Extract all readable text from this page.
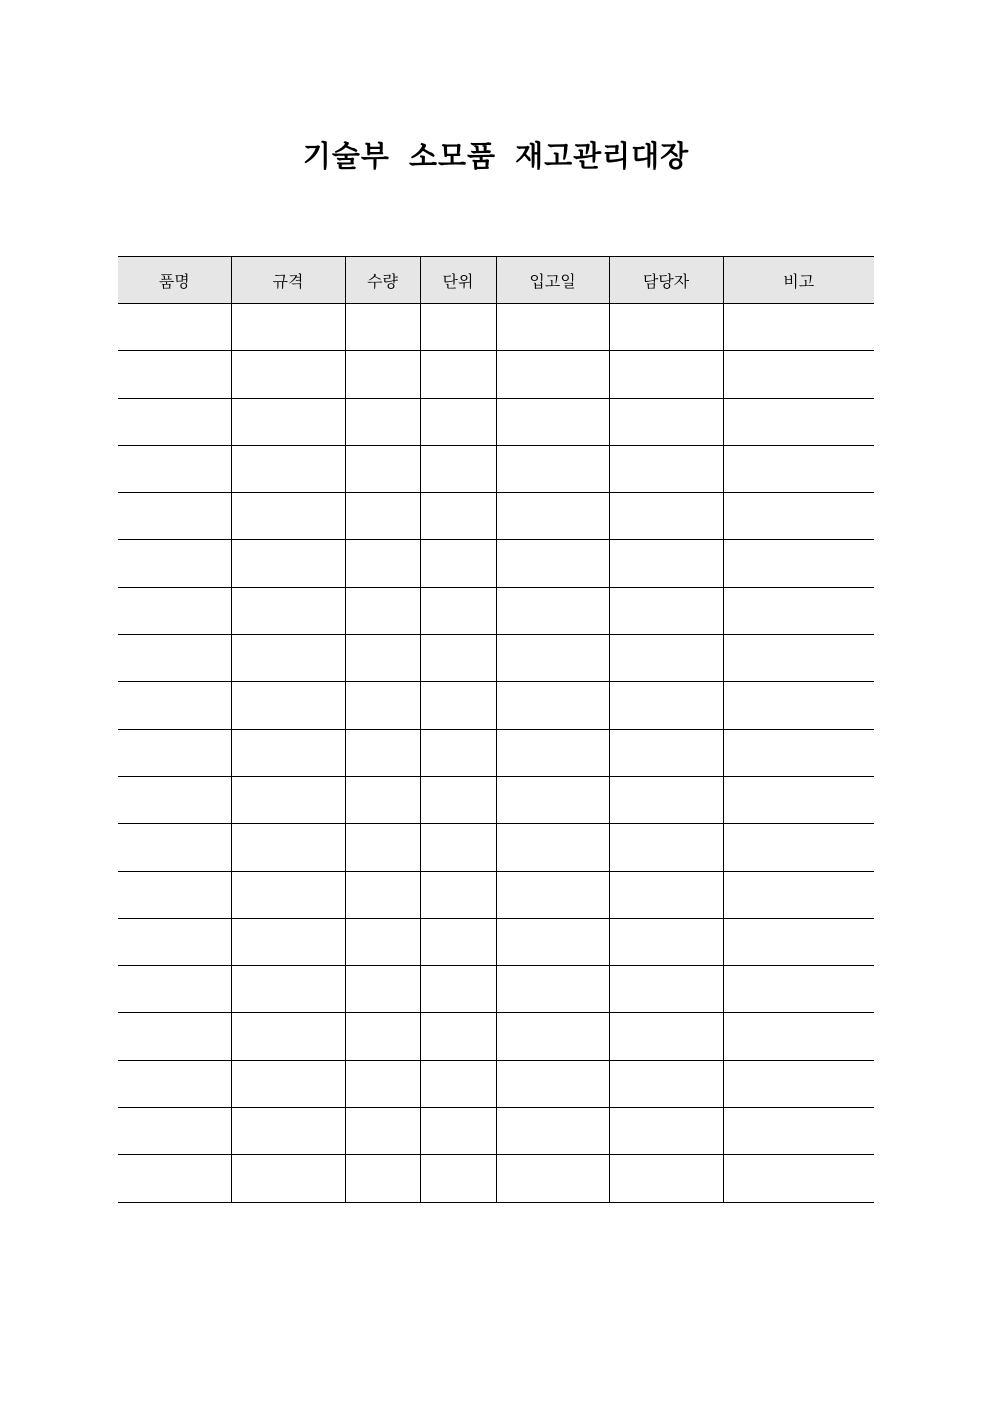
기술부 소모품 재고관리대장
품명	규격	수량	단위	입고일	담당자	비고
